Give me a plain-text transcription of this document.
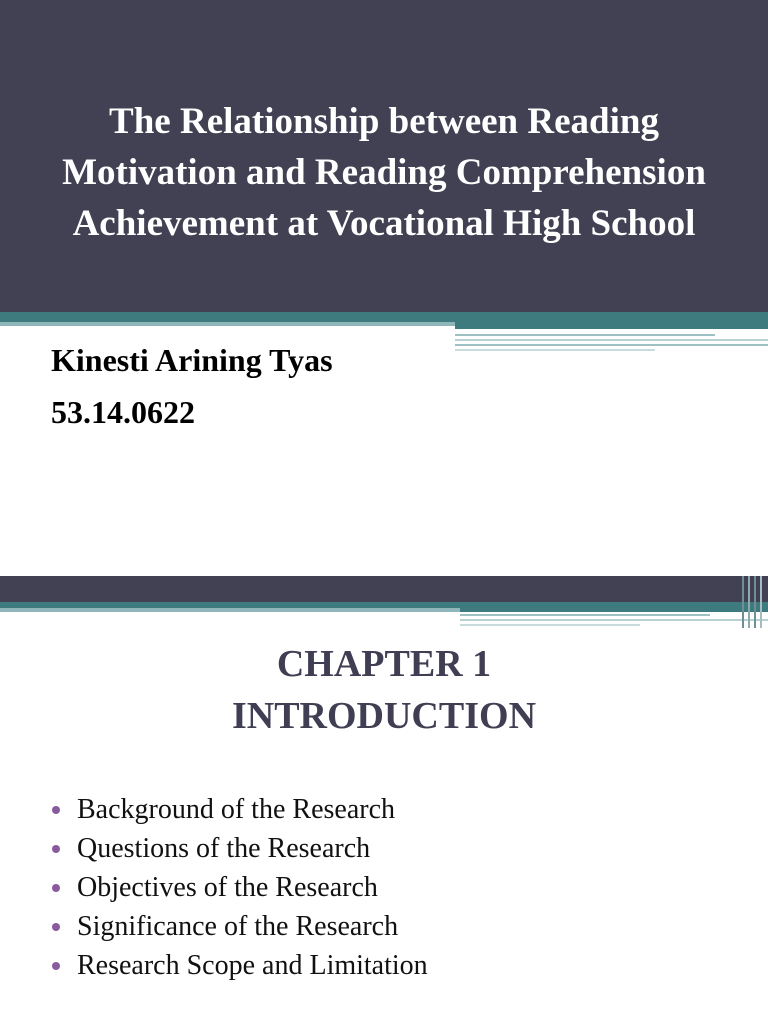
The Relationship between Reading Motivation and Reading Comprehension Achievement at Vocational High School
Kinesti Arining Tyas
53.14.0622
CHAPTER 1
INTRODUCTION
Background of the Research
Questions of the Research
Objectives of the Research
Significance of the Research
Research Scope and Limitation
